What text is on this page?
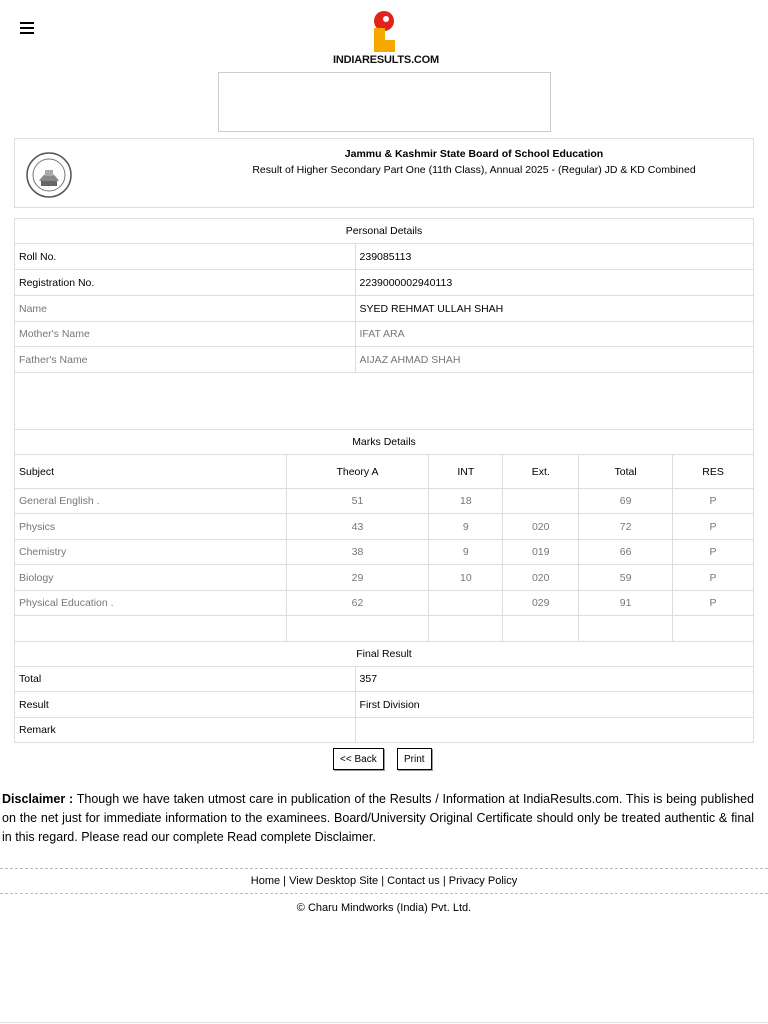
INDIARESULTS.COM
Jammu & Kashmir State Board of School Education
Result of Higher Secondary Part One (11th Class), Annual 2025 - (Regular) JD & KD Combined
Personal Details	
Roll No.	239085113
Registration No.	2239000002940113
Name	SYED REHMAT ULLAH SHAH
Mother's Name	IFAT ARA
Father's Name	AIJAZ AHMAD SHAH

Marks Details					
Subject	Theory A	INT	Ext.	Total	RES
General English .	51	18		69	P
Physics	43	9	020	72	P
Chemistry	38	9	019	66	P
Biology	29	10	020	59	P
Physical Education .	62		029	91	P

Final Result	
Total	357
Result	First Division
Remark	
<< Back	Print
Disclaimer : Though we have taken utmost care in publication of the Results / Information at IndiaResults.com. This is being published on the net just for immediate information to the examinees. Board/University Original Certificate should only be treated authentic & final in this regard. Please read our complete Read complete Disclaimer.
Home | View Desktop Site | Contact us | Privacy Policy
© Charu Mindworks (India) Pvt. Ltd.
